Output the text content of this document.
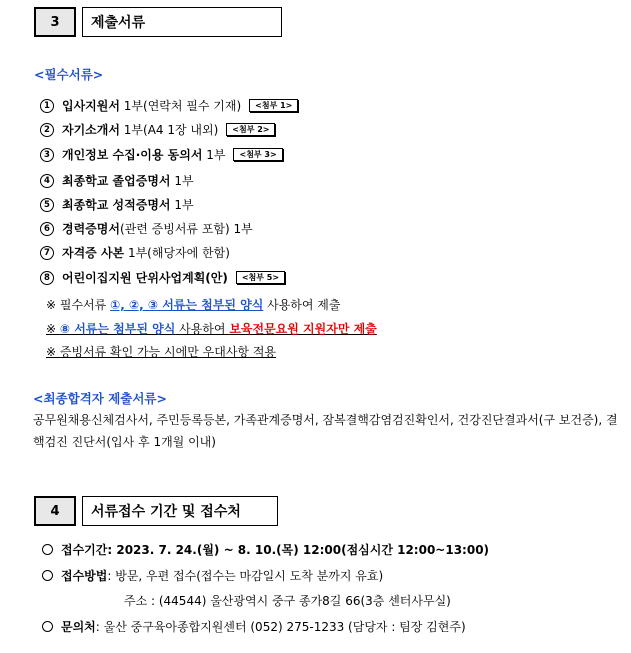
3	제출서류
<필수서류>
1	입사지원서 1부(연락처 필수 기재)	<첨부 1>
2	자기소개서 1부(A4 1장 내외)	<첨부 2>
3	개인정보 수집·이용 동의서 1부	<첨부 3>
4	최종학교 졸업증명서 1부
5	최종학교 성적증명서 1부
6	경력증명서 (관련 증빙서류 포함) 1부
7	자격증 사본 1부(해당자에 한함)
8	어린이집지원 단위사업계획(안)	<첨부 5>
※ 필수서류 ①, ②, ③ 서류는 첨부된 양식 사용하여 제출
※ ⑧ 서류는 첨부된 양식 사용하여 보육전문요원 지원자만 제출
※ 증빙서류 확인 가능 시에만 우대사항 적용
<최종합격자 제출서류>
공무원채용신체검사서, 주민등록등본, 가족관계증명서, 잠복결핵감염검진확인서, 건강진단결과서(구 보건증), 결핵검진 진단서(입사 후 1개월 이내)
4	서류접수 기간 및 접수처
접수기간 : 2023. 7. 24.(월) ~ 8. 10.(목) 12:00(점심시간 12:00~13:00)
접수방법 : 방문, 우편 접수(접수는 마감일시 도착 분까지 유효)
주소 : (44544) 울산광역시 중구 종가8길 66(3층 센터사무실)
문의처 : 울산 중구육아종합지원센터 (052) 275-1233 (담당자 : 팀장 김현주)
